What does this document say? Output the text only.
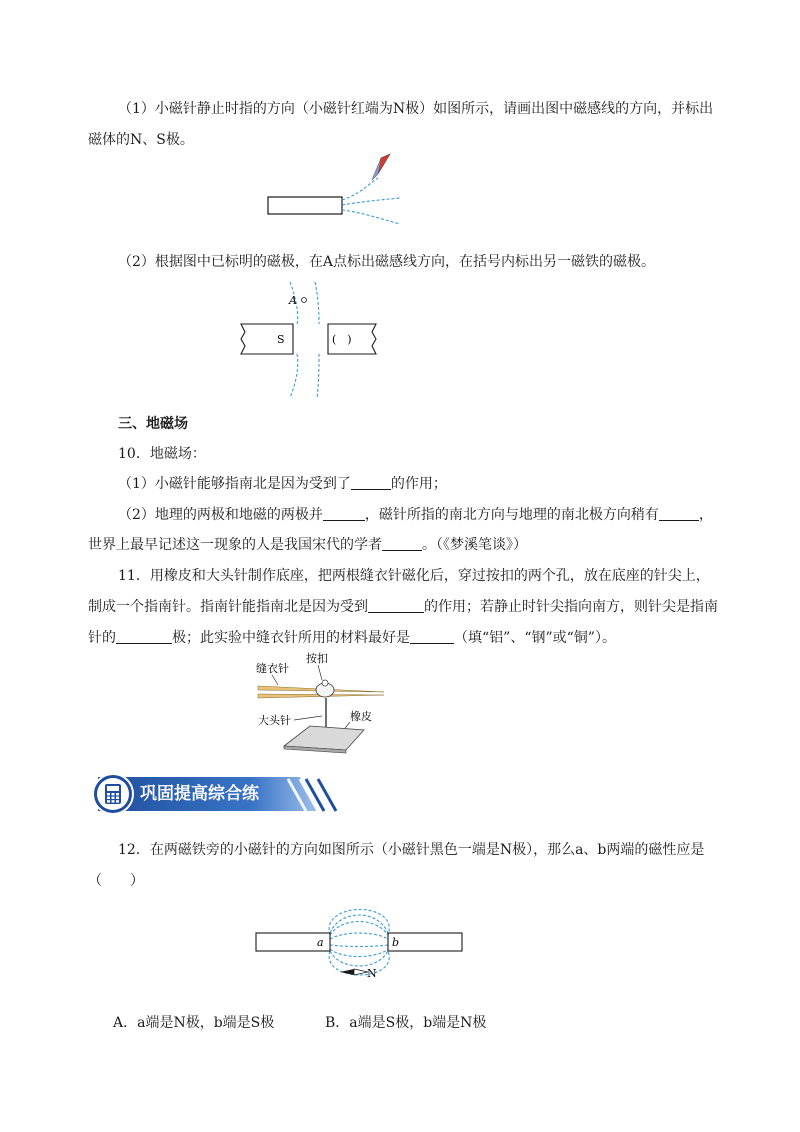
（1）小磁针静止时指的方向（小磁针红端为N极）如图所示，请画出图中磁感线的方向，并标出
磁体的N、S极。
（2）根据图中已标明的磁极，在A点标出磁感线方向，在括号内标出另一磁铁的磁极。
A
S	(　)
三、地磁场
10．地磁场：
（1）小磁针能够指南北是因为受到了	的作用；
（2）地理的两极和地磁的两极并	，磁针所指的南北方向与地理的南北极方向稍有	，
世界上最早记述这一现象的人是我国宋代的学者	。（《梦溪笔谈》）
11．用橡皮和大头针制作底座，把两根缝衣针磁化后，穿过按扣的两个孔，放在底座的针尖上，
制成一个指南针。指南针能指南北是因为受到	的作用；若静止时针尖指向南方，则针尖是指南
针的	极；此实验中缝衣针所用的材料最好是	（填“铝”、“钢”或“铜”）。
缝衣针
按扣
大头针	橡皮
巩固提高综合练
12．在两磁铁旁的小磁针的方向如图所示（小磁针黑色一端是N极），那么a、b两端的磁性应是
（　　）
a	b
N
A．a端是N极，b端是S极	B．a端是S极，b端是N极
